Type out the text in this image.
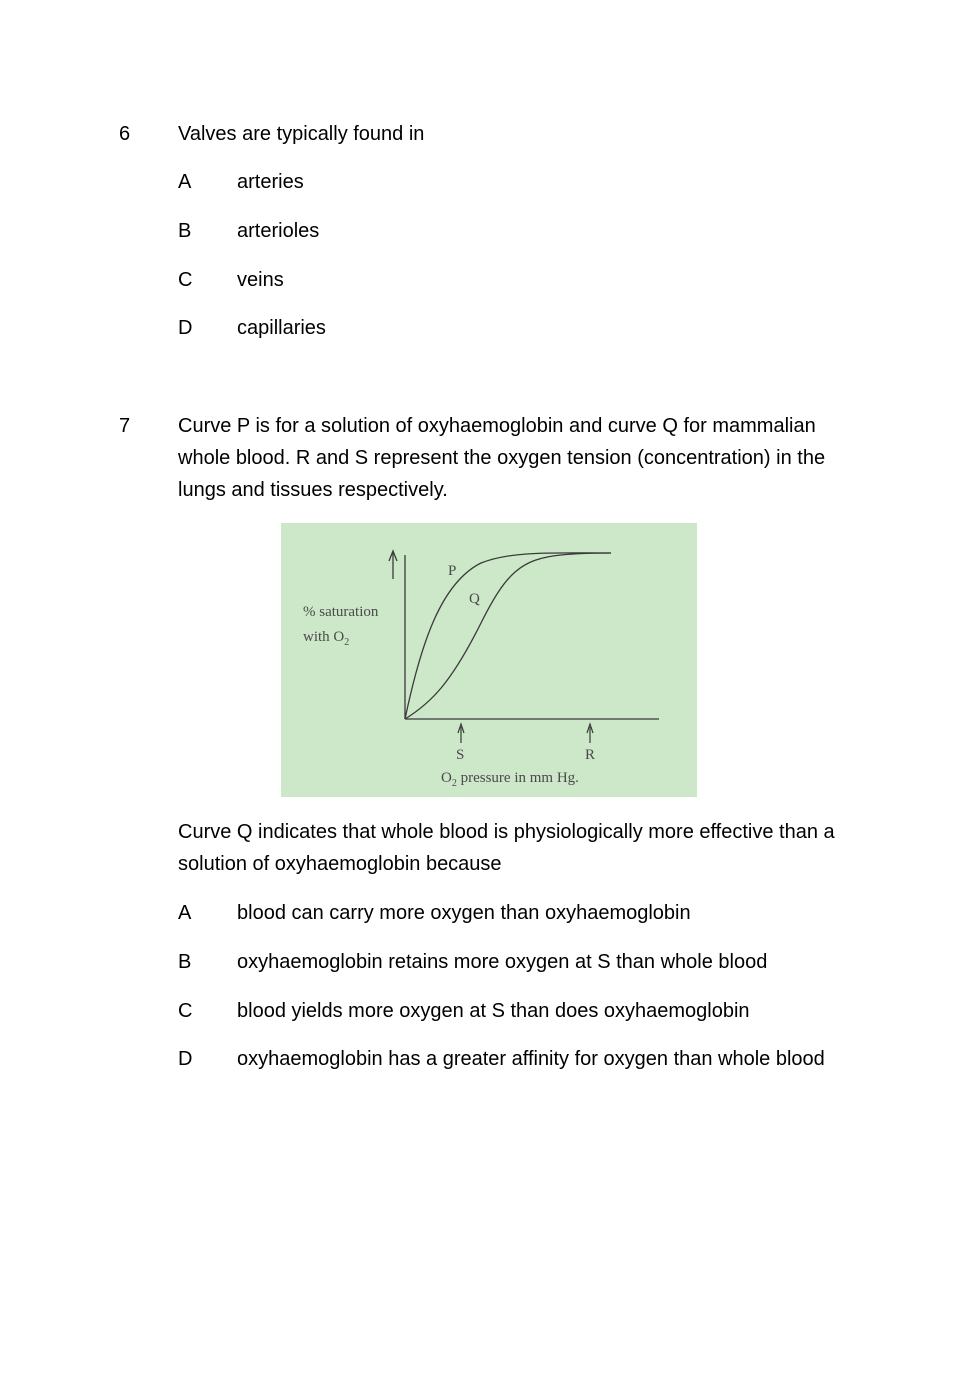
6 Valves are typically found in
A arteries
B arterioles
C veins
D capillaries
7 Curve P is for a solution of oxyhaemoglobin and curve Q for mammalian whole blood. R and S represent the oxygen tension (concentration) in the lungs and tissues respectively.
P
Q
% saturation
with $O_2$
S	R
$O_2$ pressure in mm Hg.
Curve Q indicates that whole blood is physiologically more effective than a solution of oxyhaemoglobin because
A blood can carry more oxygen than oxyhaemoglobin
B oxyhaemoglobin retains more oxygen at S than whole blood
C blood yields more oxygen at S than does oxyhaemoglobin
D oxyhaemoglobin has a greater affinity for oxygen than whole blood
